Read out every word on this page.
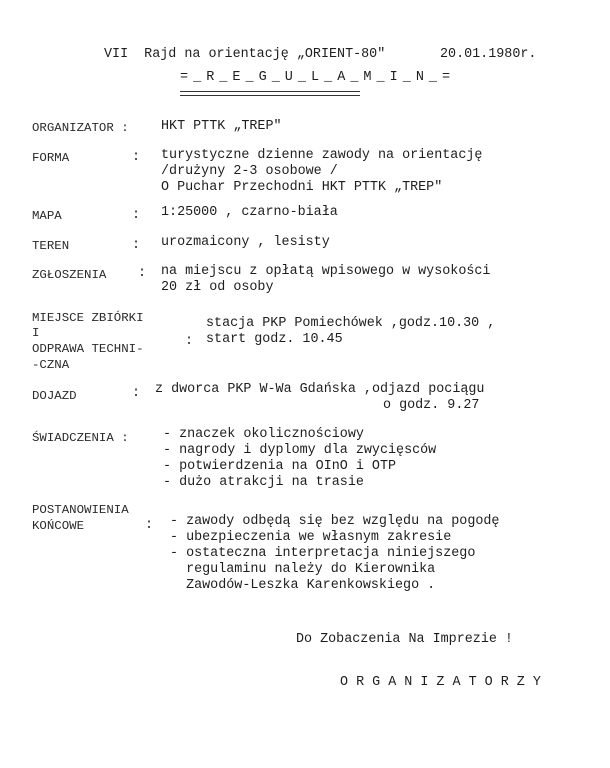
VII  Rajd na orientację „ORIENT-80"	20.01.1980r.
=_R_E_G_U_L_A_M_I_N_=
ORGANIZATOR : HKT PTTK „TREP"
FORMA	: turystyczne dzienne zawody na orientację
/drużyny 2-3 osobowe /
O Puchar Przechodni HKT PTTK „TREP"
MAPA	: 1:25000 , czarno-biała
TEREN	: urozmaicony , lesisty
ZGŁOSZENIA : na miejscu z opłatą wpisowego w wysokości
20 zł od osoby
MIEJSCE ZBIÓRKI
I
ODPRAWA TECHNI-
-CZNA
:
stacja PKP Pomiechówek ,godz.10.30 ,
start godz. 10.45
DOJAZD	: z dworca PKP W-Wa Gdańska ,odjazd pociągu
o godz. 9.27
ŚWIADCZENIA :	- znaczek okolicznościowy
- nagrody i dyplomy dla zwycięsców
- potwierdzenia na OInO i OTP
- dużo atrakcji na trasie
POSTANOWIENIA
KOŃCOWE	: - zawody odbędą się bez względu na pogodę
- ubezpieczenia we własnym zakresie
- ostateczna interpretacja niniejszego
regulaminu należy do Kierownika
Zawodów-Leszka Karenkowskiego .
Do Zobaczenia Na Imprezie !
O R G A N I Z A T O R Z Y
